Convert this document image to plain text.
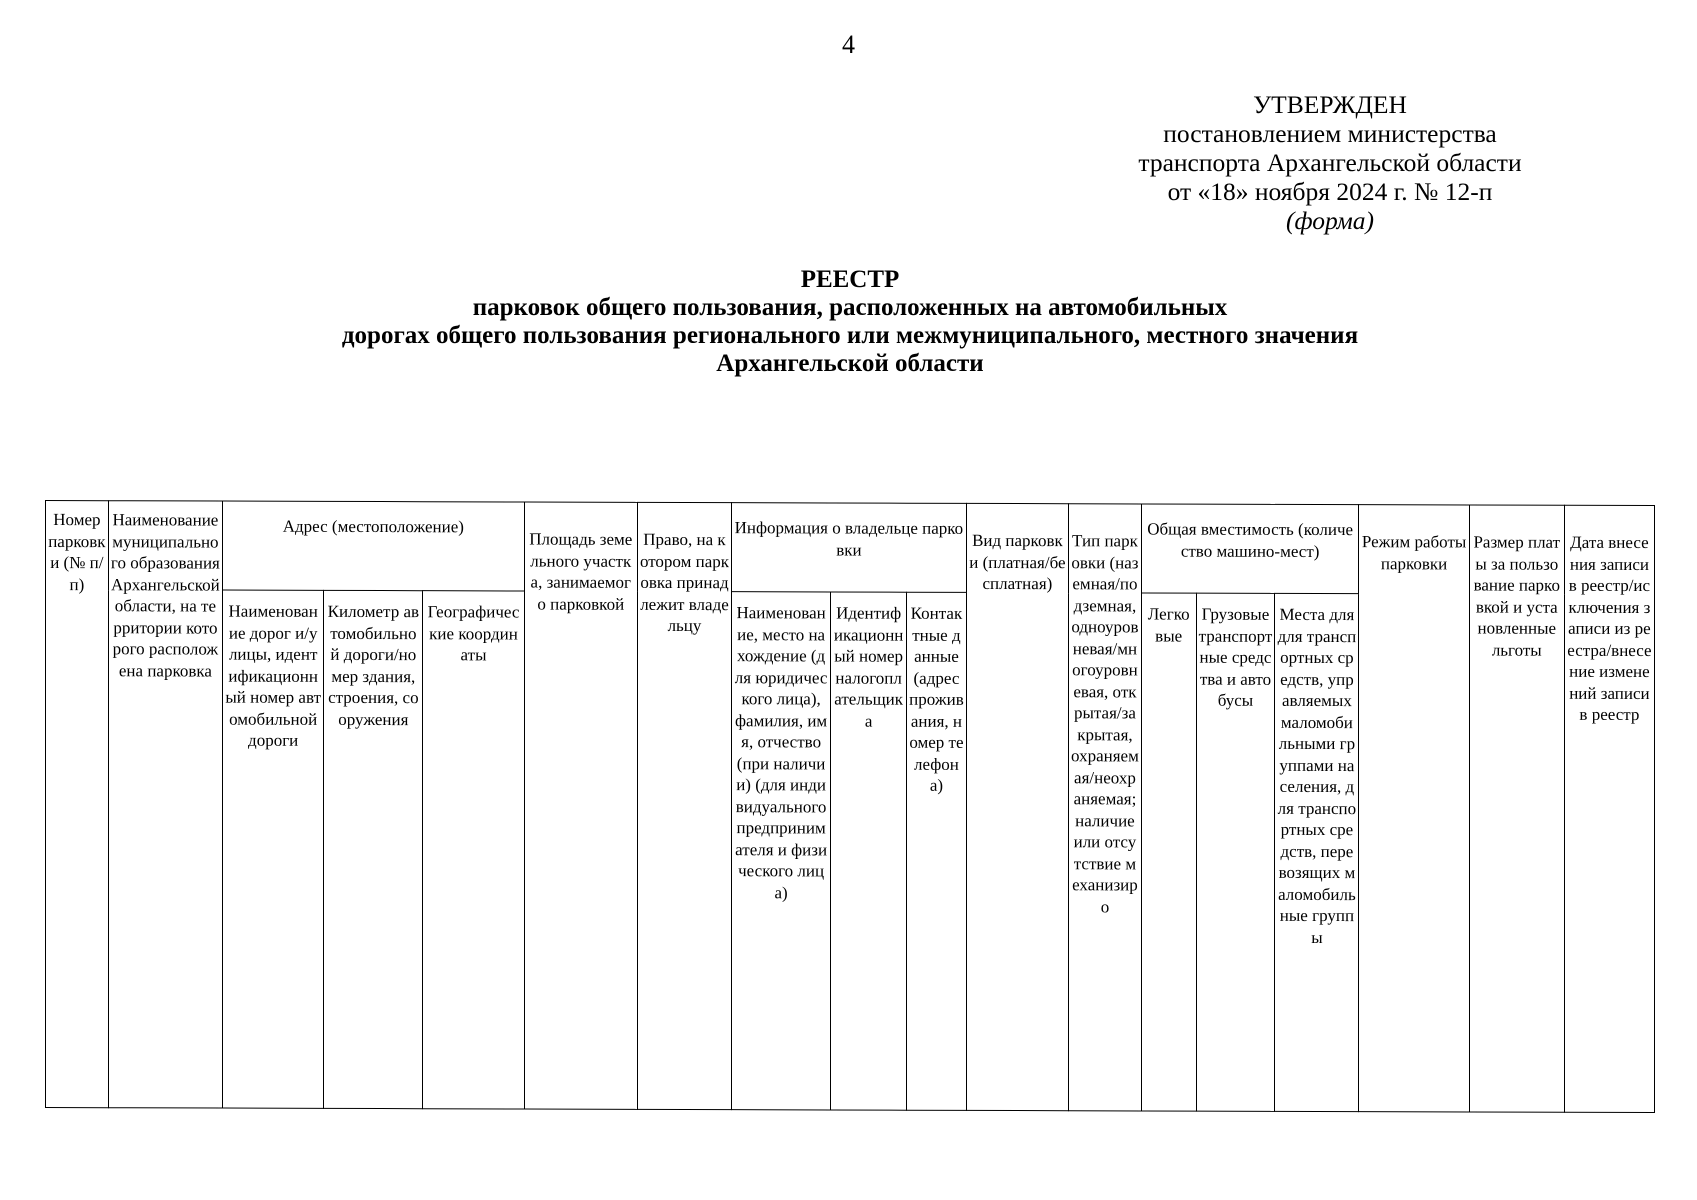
4
УТВЕРЖДЕН
постановлением министерства
транспорта Архангельской области
от «18» ноября 2024 г. № 12-п
(форма)
РЕЕСТР
парковок общего пользования, расположенных на автомобильных
дорогах общего пользования регионального или межмуниципального, местного значения
Архангельской области
Номер парковки (№ п/п)	Наименование муниципального образования Архангельской области, на территории которого расположена парковка	Адрес (местоположение)			Площадь земельного участка, занимаемого парковкой	Право, на котором парковка принадлежит владельцу	Информация о владельце парковки			Вид парковки (платная/бесплатная)	Тип парковки (наземная/подземная, одноуровневая/многоуровневая, открытая/закрытая, охраняемая/неохраняемая; наличие или отсутствие механизиро	Общая вместимость (количество машино-мест)			Режим работы парковки	Размер платы за пользование парковкой и установленные льготы	Дата внесения записи в реестр/исключения записи из реестра/внесение изменений записи в реестр
		Наименование дорог и/улицы, идентификационный номер автомобильной дороги	Километр автомобильной дороги/номер здания, строения, сооружения	Географические координаты			Наименование, место нахождение (для юридического лица), фамилия, имя, отчество (при наличии) (для индивидуального предпринимателя и физического лица)	Идентификационный номер налогоплательщика	Контактные данные (адрес проживания, номер телефона)			Легковые	Грузовые транспортные средства и автобусы	Места для для транспортных средств, управляемых маломобильными группами населения, для транспортных средств, перевозящих маломобильные группы			
